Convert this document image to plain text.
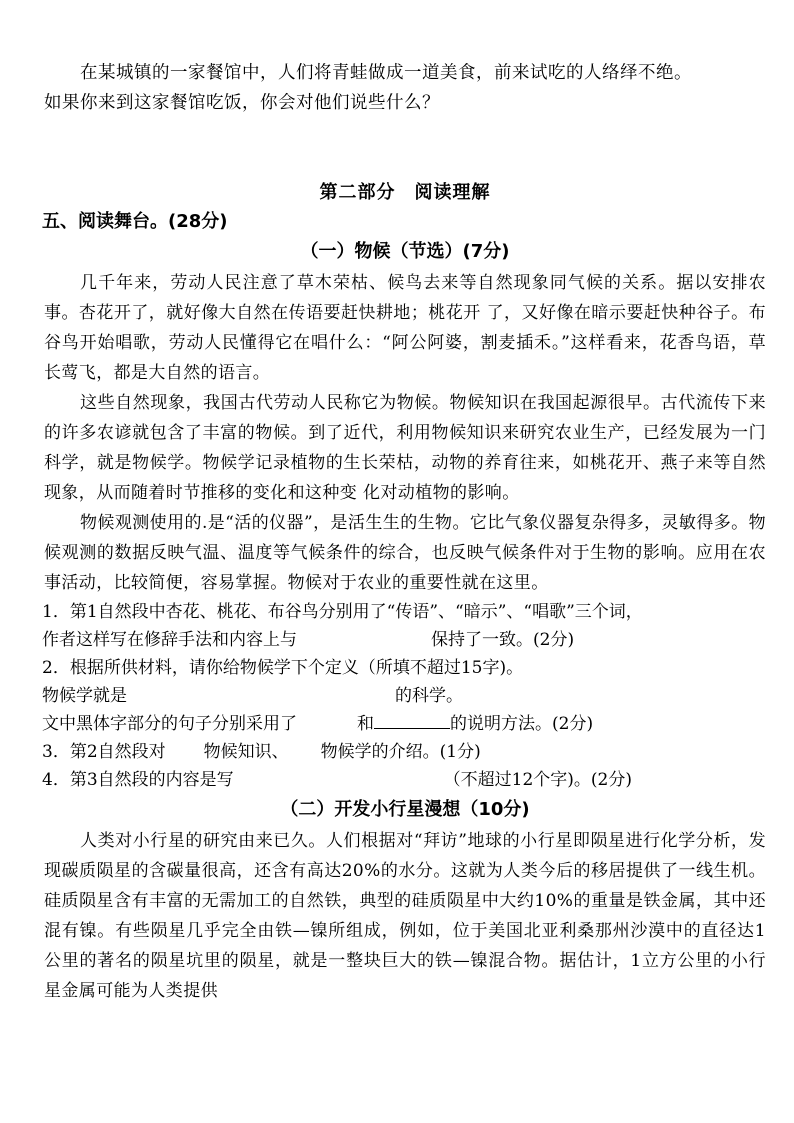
在某城镇的一家餐馆中，人们将青蛙做成一道美食，前来试吃的人络绎不绝。

如果你来到这家餐馆吃饭，你会对他们说些什么？

第二部分　阅读理解
五、阅读舞台。(28分)
（一）物候（节选）(7分)

几千年来，劳动人民注意了草木荣枯、候鸟去来等自然现象同气候的关系。据以安排农事。杏花开了，就好像大自然在传语要赶快耕地；桃花开 了，又好像在暗示要赶快种谷子。布谷鸟开始唱歌，劳动人民懂得它在唱什么：“阿公阿婆，割麦插禾。”这样看来，花香鸟语，草长莺飞，都是大自然的语言。

这些自然现象，我国古代劳动人民称它为物候。物候知识在我国起源很早。古代流传下来的许多农谚就包含了丰富的物候。到了近代，利用物候知识来研究农业生产，已经发展为一门科学，就是物候学。物候学记录植物的生长荣枯，动物的养育往来，如桃花开、燕子来等自然现象，从而随着时节推移的变化和这种变 化对动植物的影响。

物候观测使用的.是“活的仪器”，是活生生的生物。它比气象仪器复杂得多，灵敏得多。物候观测的数据反映气温、温度等气候条件的综合，也反映气候条件对于生物的影响。应用在农事活动，比较简便，容易掌握。物候对于农业的重要性就在这里。

1．第1自然段中杏花、桃花、布谷鸟分别用了“传语”、“暗示”、“唱歌”三个词，
作者这样写在修辞手法和内容上与	保持了一致。(2分)
2．根据所供材料，请你给物候学下个定义（所填不超过15字)。
物候学就是	的科学。
文中黑体字部分的句子分别采用了	和	的说明方法。(2分)
3．第2自然段对 物候知识、 物候学的介绍。(1分)
4．第3自然段的内容是写	（不超过12个字)。(2分)
（二）开发小行星漫想（10分)

人类对小行星的研究由来已久。人们根据对“拜访”地球的小行星即陨星进行化学分析，发现碳质陨星的含碳量很高，还含有高达20%的水分。这就为人类今后的移居提供了一线生机。硅质陨星含有丰富的无需加工的自然铁，典型的硅质陨星中大约10%的重量是铁金属，其中还混有镍。有些陨星几乎完全由铁—镍所组成，例如，位于美国北亚利桑那州沙漠中的直径达1公里的著名的陨星坑里的陨星，就是一整块巨大的铁—镍混合物。据估计，1立方公里的小行星金属可能为人类提供
